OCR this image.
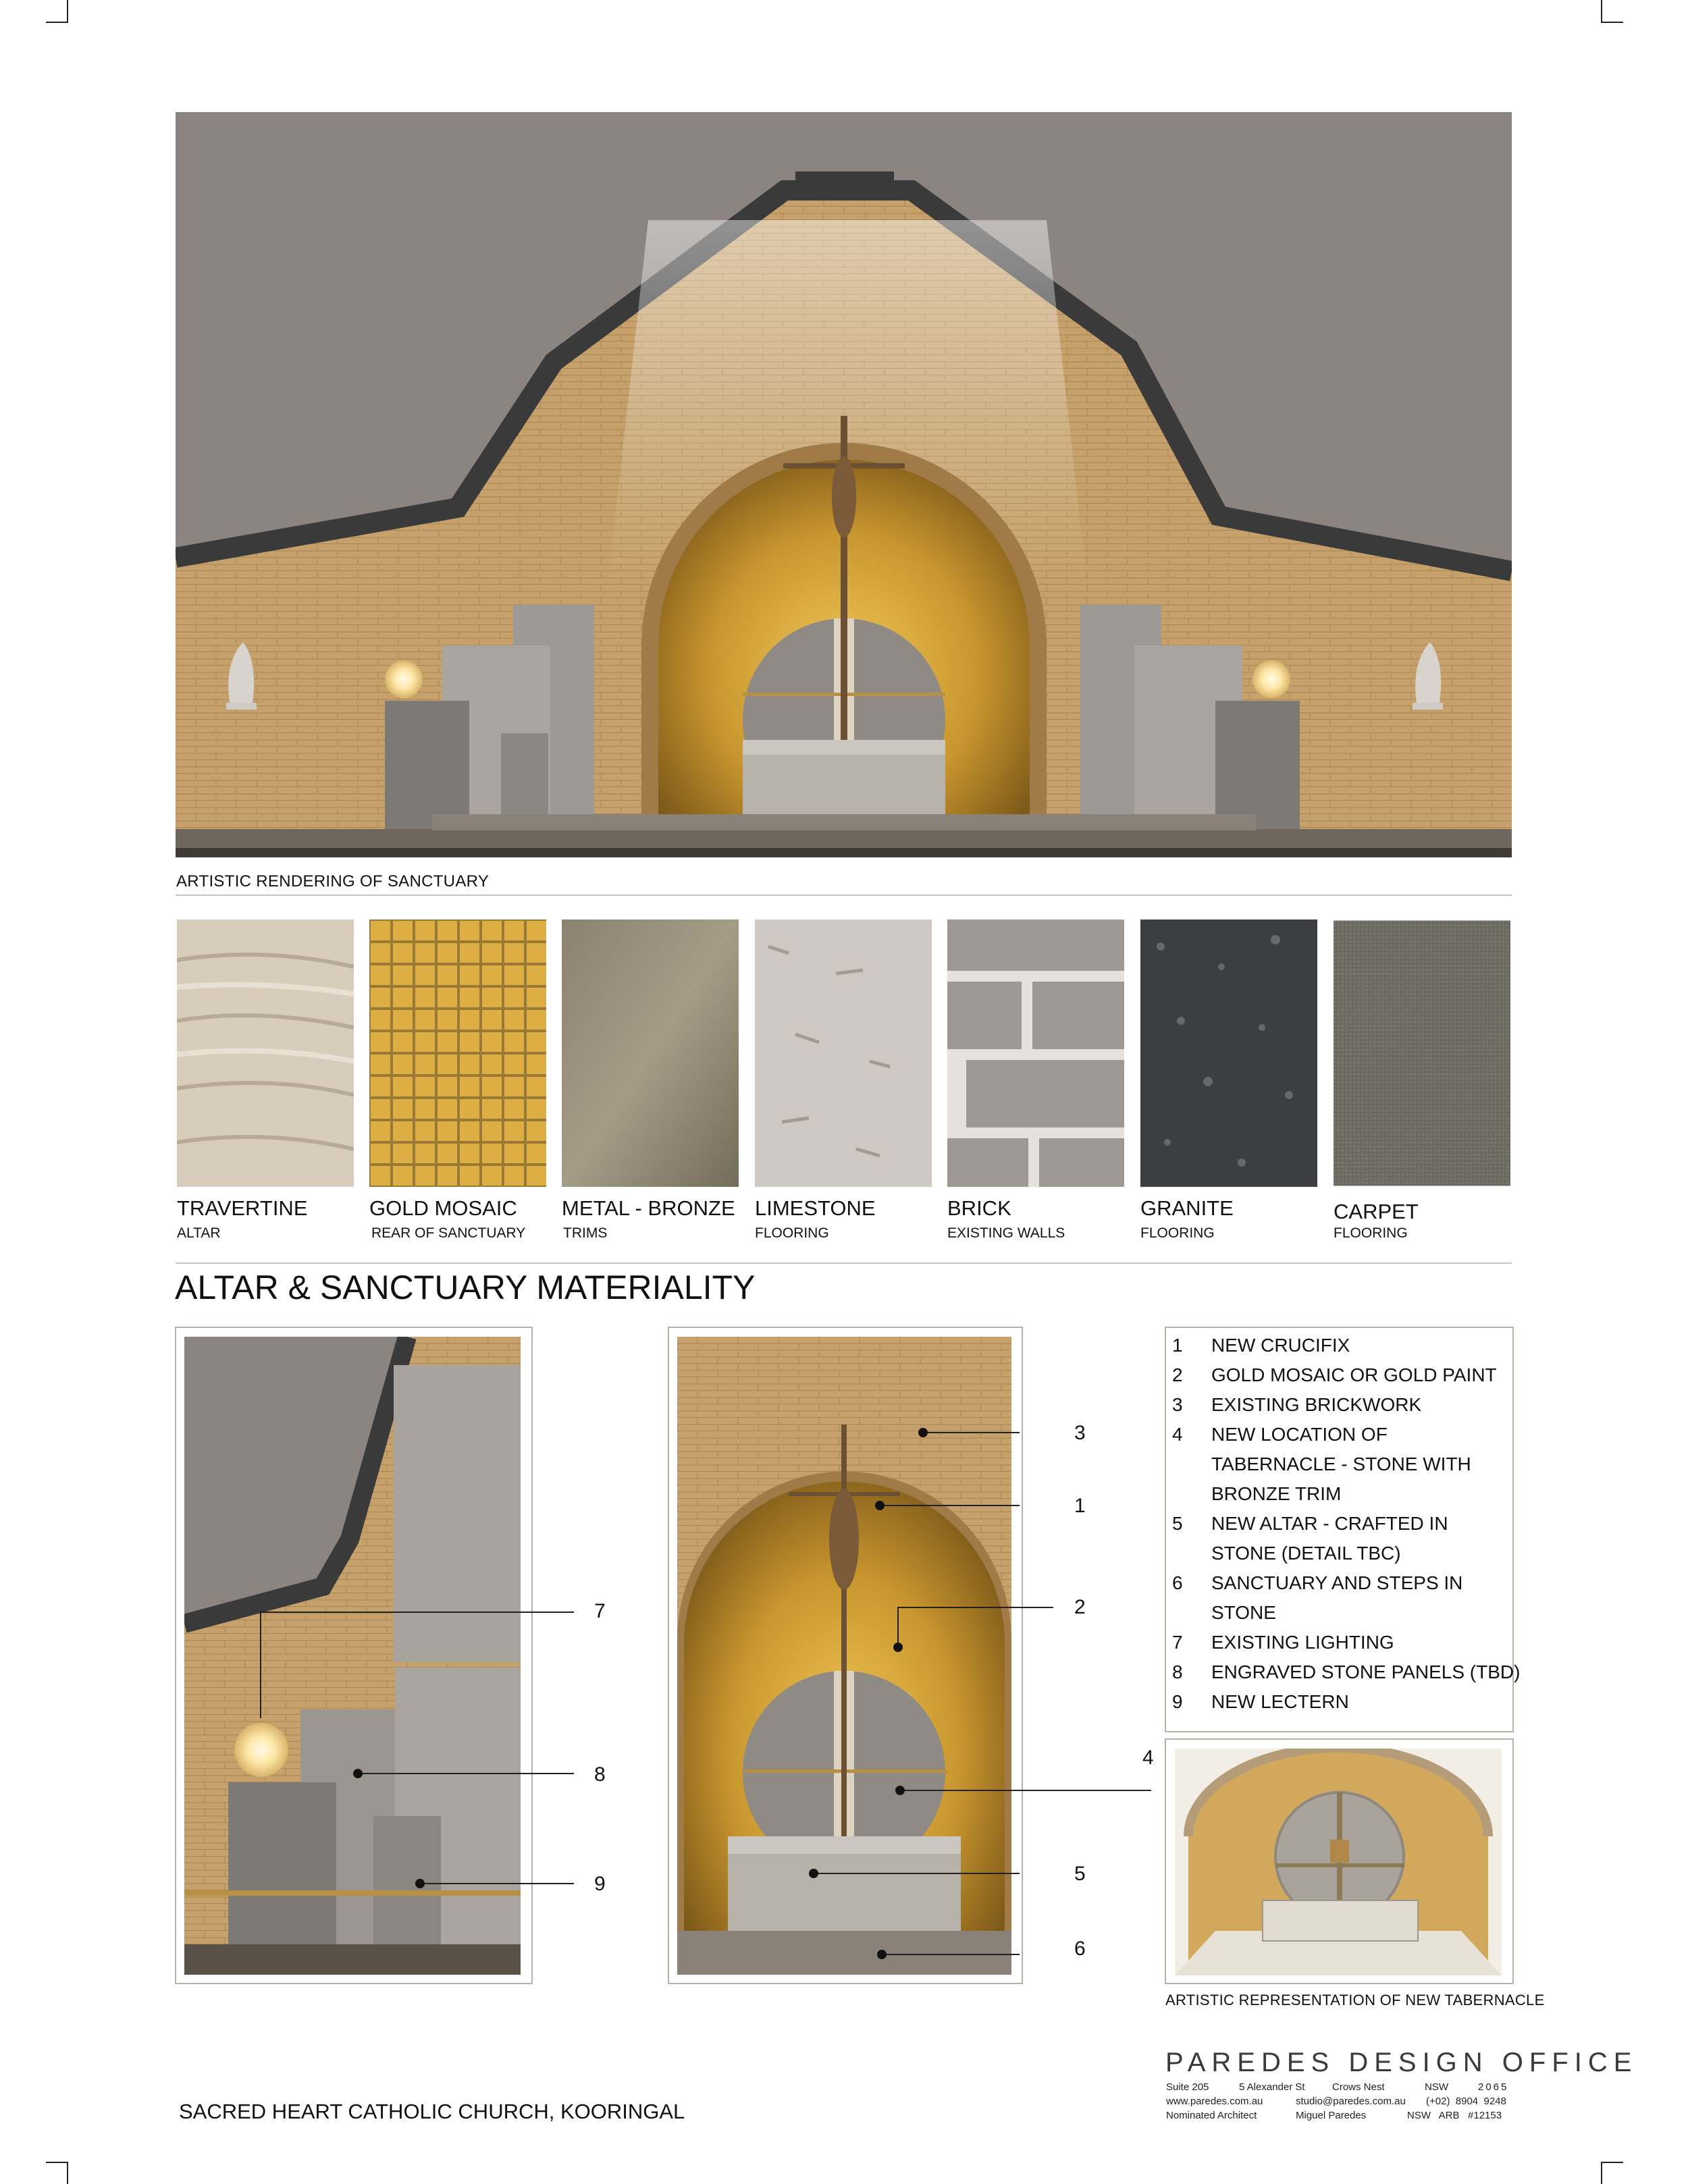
ARTISTIC RENDERING OF SANCTUARY
TRAVERTINE
ALTAR
GOLD MOSAIC
REAR OF SANCTUARY
METAL - BRONZE
TRIMS
LIMESTONE
FLOORING
BRICK
EXISTING WALLS
GRANITE
FLOORING
CARPET
FLOORING
ALTAR & SANCTUARY MATERIALITY
1 NEW CRUCIFIX
2 GOLD MOSAIC OR GOLD PAINT
3 EXISTING BRICKWORK
4 NEW LOCATION OF
TABERNACLE - STONE WITH
BRONZE TRIM
5 NEW ALTAR - CRAFTED IN
STONE (DETAIL TBC)
6 SANCTUARY AND STEPS IN
STONE
7 EXISTING LIGHTING
8 ENGRAVED STONE PANELS (TBD)
9 NEW LECTERN
ARTISTIC REPRESENTATION OF NEW TABERNACLE
7
8
9
3
1
2
4
5
6
SACRED HEART CATHOLIC CHURCH, KOORINGAL
PAREDES DESIGN OFFICE
Suite 205	5 Alexander St	Crows Nest	NSW	2065
www.paredes.com.au	studio@paredes.com.au (+02)  8904  9248
Nominated Architect	Miguel Paredes	NSW   ARB   #12153
